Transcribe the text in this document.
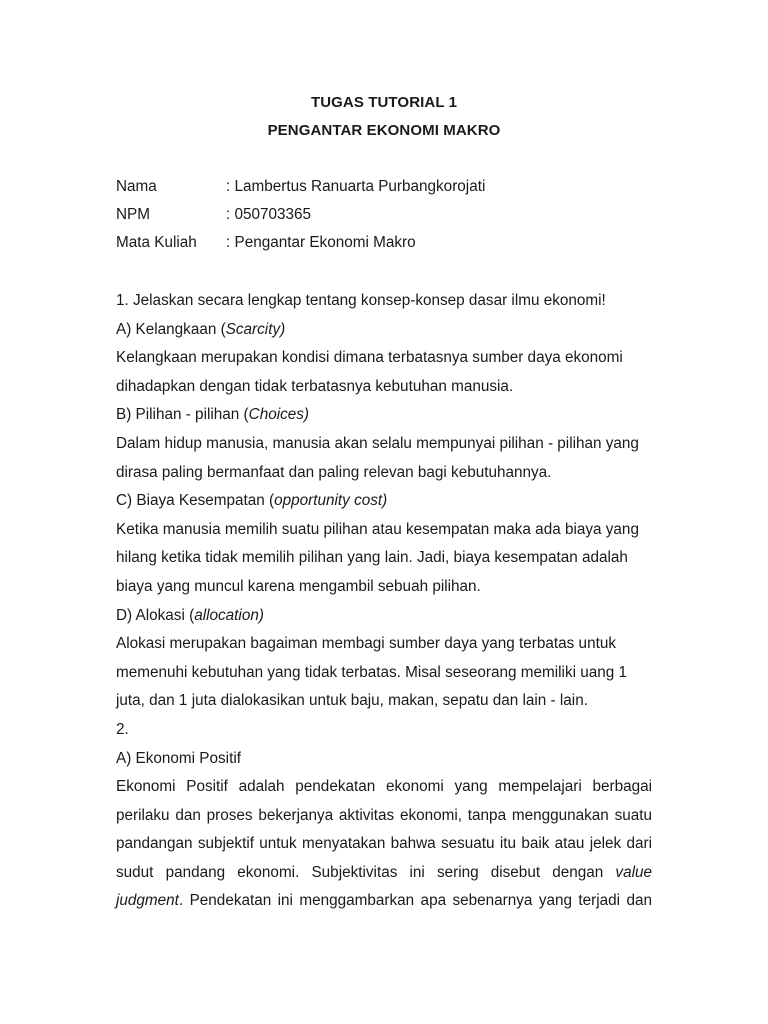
TUGAS TUTORIAL 1
PENGANTAR EKONOMI MAKRO
Nama	: Lambertus Ranuarta Purbangkorojati
NPM	: 050703365
Mata Kuliah : Pengantar Ekonomi Makro
1. Jelaskan secara lengkap tentang konsep-konsep dasar ilmu ekonomi!
A) Kelangkaan (Scarcity)
Kelangkaan merupakan kondisi dimana terbatasnya sumber daya ekonomi
dihadapkan dengan tidak terbatasnya kebutuhan manusia.
B) Pilihan - pilihan (Choices)
Dalam hidup manusia, manusia akan selalu mempunyai pilihan - pilihan yang
dirasa paling bermanfaat dan paling relevan bagi kebutuhannya.
C) Biaya Kesempatan (opportunity cost)
Ketika manusia memilih suatu pilihan atau kesempatan maka ada biaya yang
hilang ketika tidak memilih pilihan yang lain. Jadi, biaya kesempatan adalah
biaya yang muncul karena mengambil sebuah pilihan.
D) Alokasi (allocation)
Alokasi merupakan bagaiman membagi sumber daya yang terbatas untuk
memenuhi kebutuhan yang tidak terbatas. Misal seseorang memiliki uang 1
juta, dan 1 juta dialokasikan untuk baju, makan, sepatu dan lain - lain.
2.
A) Ekonomi Positif
Ekonomi Positif adalah pendekatan ekonomi yang mempelajari berbagai
perilaku dan proses bekerjanya aktivitas ekonomi, tanpa menggunakan suatu
pandangan subjektif untuk menyatakan bahwa sesuatu itu baik atau jelek dari
sudut pandang ekonomi. Subjektivitas ini sering disebut dengan value
judgment. Pendekatan ini menggambarkan apa sebenarnya yang terjadi dan
